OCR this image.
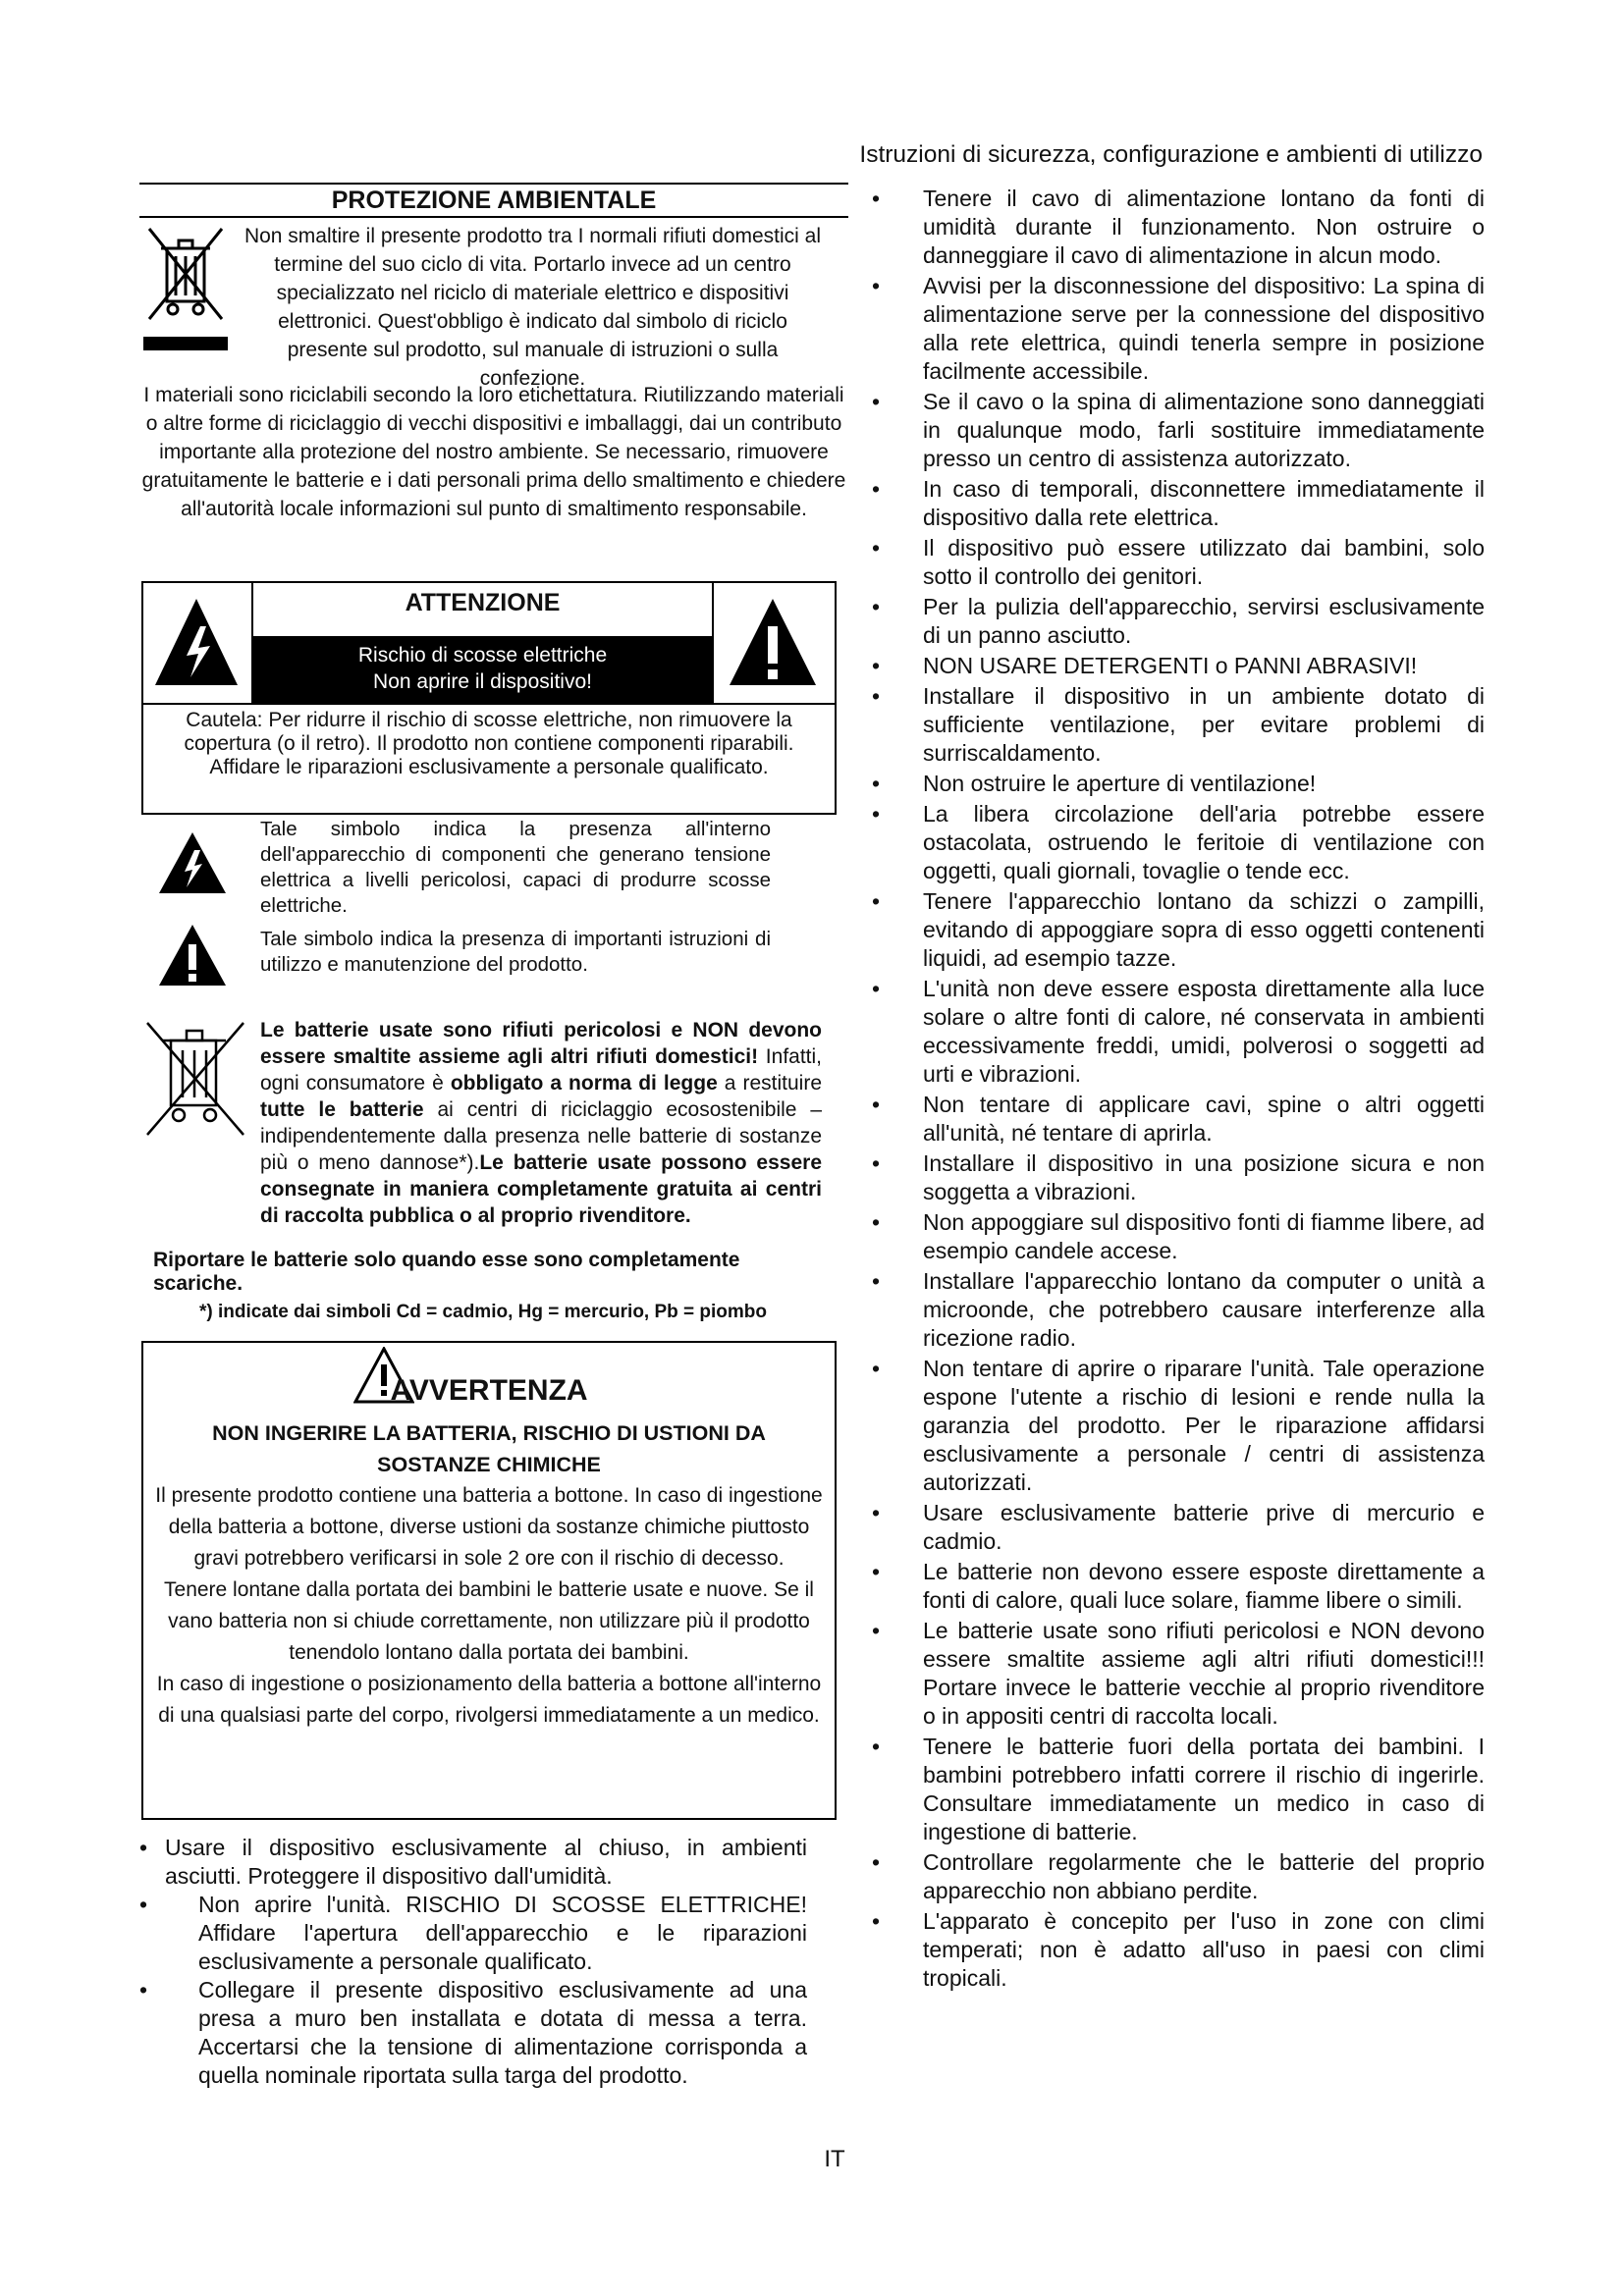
Istruzioni di sicurezza, configurazione e ambienti di utilizzo
PROTEZIONE AMBIENTALE
Non smaltire il presente prodotto tra I normali rifiuti domestici al termine del suo ciclo di vita. Portarlo invece ad un centro specializzato nel riciclo di materiale elettrico e dispositivi elettronici. Quest'obbligo è indicato dal simbolo di riciclo presente sul prodotto, sul manuale di istruzioni o sulla confezione.
I materiali sono riciclabili secondo la loro etichettatura. Riutilizzando materiali o altre forme di riciclaggio di vecchi dispositivi e imballaggi, dai un contributo importante alla protezione del nostro ambiente. Se necessario, rimuovere gratuitamente le batterie e i dati personali prima dello smaltimento e chiedere all'autorità locale informazioni sul punto di smaltimento responsabile.
ATTENZIONE
Rischio di scosse elettriche
Non aprire il dispositivo!
Cautela: Per ridurre il rischio di scosse elettriche, non rimuovere la copertura (o il retro). Il prodotto non contiene componenti riparabili. Affidare le riparazioni esclusivamente a personale qualificato.
Tale simbolo indica la presenza all'interno dell'apparecchio di componenti che generano tensione elettrica a livelli pericolosi, capaci di produrre scosse elettriche.
Tale simbolo indica la presenza di importanti istruzioni di utilizzo e manutenzione del prodotto.
Le batterie usate sono rifiuti pericolosi e NON devono essere smaltite assieme agli altri rifiuti domestici! Infatti, ogni consumatore è obbligato a norma di legge a restituire tutte le batterie ai centri di riciclaggio ecosostenibile – indipendentemente dalla presenza nelle batterie di sostanze più o meno dannose*).Le batterie usate possono essere consegnate in maniera completamente gratuita ai centri di raccolta pubblica o al proprio rivenditore.
Riportare le batterie solo quando esse sono completamente scariche.
*) indicate dai simboli Cd = cadmio, Hg = mercurio, Pb = piombo
AVVERTENZA
NON INGERIRE LA BATTERIA, RISCHIO DI USTIONI DA SOSTANZE CHIMICHE
Il presente prodotto contiene una batteria a bottone. In caso di ingestione della batteria a bottone, diverse ustioni da sostanze chimiche piuttosto gravi potrebbero verificarsi in sole 2 ore con il rischio di decesso.
Tenere lontane dalla portata dei bambini le batterie usate e nuove. Se il vano batteria non si chiude correttamente, non utilizzare più il prodotto tenendolo lontano dalla portata dei bambini.
In caso di ingestione o posizionamento della batteria a bottone all'interno di una qualsiasi parte del corpo, rivolgersi immediatamente a un medico.
• Usare il dispositivo esclusivamente al chiuso, in ambienti asciutti. Proteggere il dispositivo dall'umidità.
• Non aprire l'unità. RISCHIO DI SCOSSE ELETTRICHE! Affidare l'apertura dell'apparecchio e le riparazioni esclusivamente a personale qualificato.
• Collegare il presente dispositivo esclusivamente ad una presa a muro ben installata e dotata di messa a terra. Accertarsi che la tensione di alimentazione corrisponda a quella nominale riportata sulla targa del prodotto.
• Tenere il cavo di alimentazione lontano da fonti di umidità durante il funzionamento. Non ostruire o danneggiare il cavo di alimentazione in alcun modo.
• Avvisi per la disconnessione del dispositivo: La spina di alimentazione serve per la connessione del dispositivo alla rete elettrica, quindi tenerla sempre in posizione facilmente accessibile.
• Se il cavo o la spina di alimentazione sono danneggiati in qualunque modo, farli sostituire immediatamente presso un centro di assistenza autorizzato.
• In caso di temporali, disconnettere immediatamente il dispositivo dalla rete elettrica.
• Il dispositivo può essere utilizzato dai bambini, solo sotto il controllo dei genitori.
• Per la pulizia dell'apparecchio, servirsi esclusivamente di un panno asciutto.
• NON USARE DETERGENTI o PANNI ABRASIVI!
• Installare il dispositivo in un ambiente dotato di sufficiente ventilazione, per evitare problemi di surriscaldamento.
• Non ostruire le aperture di ventilazione!
• La libera circolazione dell'aria potrebbe essere ostacolata, ostruendo le feritoie di ventilazione con oggetti, quali giornali, tovaglie o tende ecc.
• Tenere l'apparecchio lontano da schizzi o zampilli, evitando di appoggiare sopra di esso oggetti contenenti liquidi, ad esempio tazze.
• L'unità non deve essere esposta direttamente alla luce solare o altre fonti di calore, né conservata in ambienti eccessivamente freddi, umidi, polverosi o soggetti ad urti e vibrazioni.
• Non tentare di applicare cavi, spine o altri oggetti all'unità, né tentare di aprirla.
• Installare il dispositivo in una posizione sicura e non soggetta a vibrazioni.
• Non appoggiare sul dispositivo fonti di fiamme libere, ad esempio candele accese.
• Installare l'apparecchio lontano da computer o unità a microonde, che potrebbero causare interferenze alla ricezione radio.
• Non tentare di aprire o riparare l'unità. Tale operazione espone l'utente a rischio di lesioni e rende nulla la garanzia del prodotto. Per le riparazione affidarsi esclusivamente a personale / centri di assistenza autorizzati.
• Usare esclusivamente batterie prive di mercurio e cadmio.
• Le batterie non devono essere esposte direttamente a fonti di calore, quali luce solare, fiamme libere o simili.
• Le batterie usate sono rifiuti pericolosi e NON devono essere smaltite assieme agli altri rifiuti domestici!!! Portare invece le batterie vecchie al proprio rivenditore o in appositi centri di raccolta locali.
• Tenere le batterie fuori della portata dei bambini. I bambini potrebbero infatti correre il rischio di ingerirle. Consultare immediatamente un medico in caso di ingestione di batterie.
• Controllare regolarmente che le batterie del proprio apparecchio non abbiano perdite.
• L'apparato è concepito per l'uso in zone con climi temperati; non è adatto all'uso in paesi con climi tropicali.
IT
